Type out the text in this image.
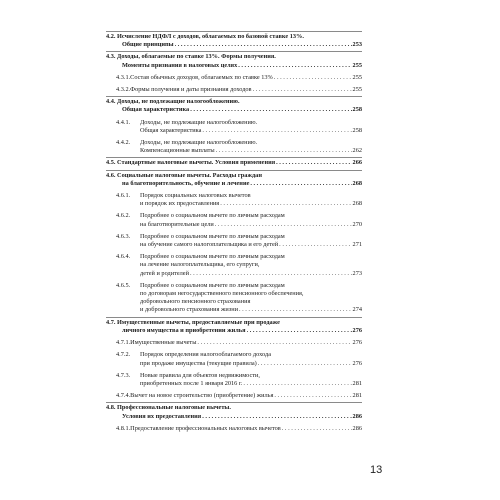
4.2. Исчисление НДФЛ с доходов, облагаемых по базовой ставке 13%.
Общие принципы . . .	253
4.3. Доходы, облагаемые по ставке 13%. Формы получения.
Моменты признания в налоговых целях . . .	255
4.3.1. Состав обычных доходов, облагаемых по ставке 13% . . .	255
4.3.2. Формы получения и даты признания доходов . . .	255
4.4. Доходы, не подлежащие налогообложению.
Общая характеристика . . .	258
4.4.1.	Доходы, не подлежащие налогообложению.
Общая характеристика . . .	258
4.4.2.	Доходы, не подлежащие налогообложению.
Компенсационные выплаты . . .	262
4.5. Стандартные налоговые вычеты. Условия применения . . .	266
4.6. Социальные налоговые вычеты. Расходы граждан
на благотворительность, обучение и лечение . . .	268
4.6.1.	Порядок социальных налоговых вычетов
и порядок их предоставления . . .	268
4.6.2.	Подробнее о социальном вычете по личным расходам
на благотворительные цели . . .	270
4.6.3.	Подробнее о социальном вычете по личным расходам
на обучение самого налогоплательщика и его детей . . .	271
4.6.4.	Подробнее о социальном вычете по личным расходам
на лечение налогоплательщика, его супруги,
детей и родителей . . .	273
4.6.5.	Подробнее о социальном вычете по личным расходам
по договорам негосударственного пенсионного обеспечения,
добровольного пенсионного страхования
и добровольного страхования жизни . . .	274
4.7. Имущественные вычеты, предоставляемые при продаже
личного имущества и приобретении жилья . . .	276
4.7.1. Имущественные вычеты . . .	276
4.7.2.	Порядок определения налогооблагаемого дохода
при продаже имущества (текущие правила) . . .	276
4.7.3.	Новые правила для объектов недвижимости,
приобретенных после 1 января 2016 г. . . .	281
4.7.4. Вычет на новое строительство (приобретение) жилья . . .	281
4.8. Профессиональные налоговые вычеты.
Условия их предоставления . . .	286
4.8.1. Предоставление профессиональных налоговых вычетов . . .	286
13
